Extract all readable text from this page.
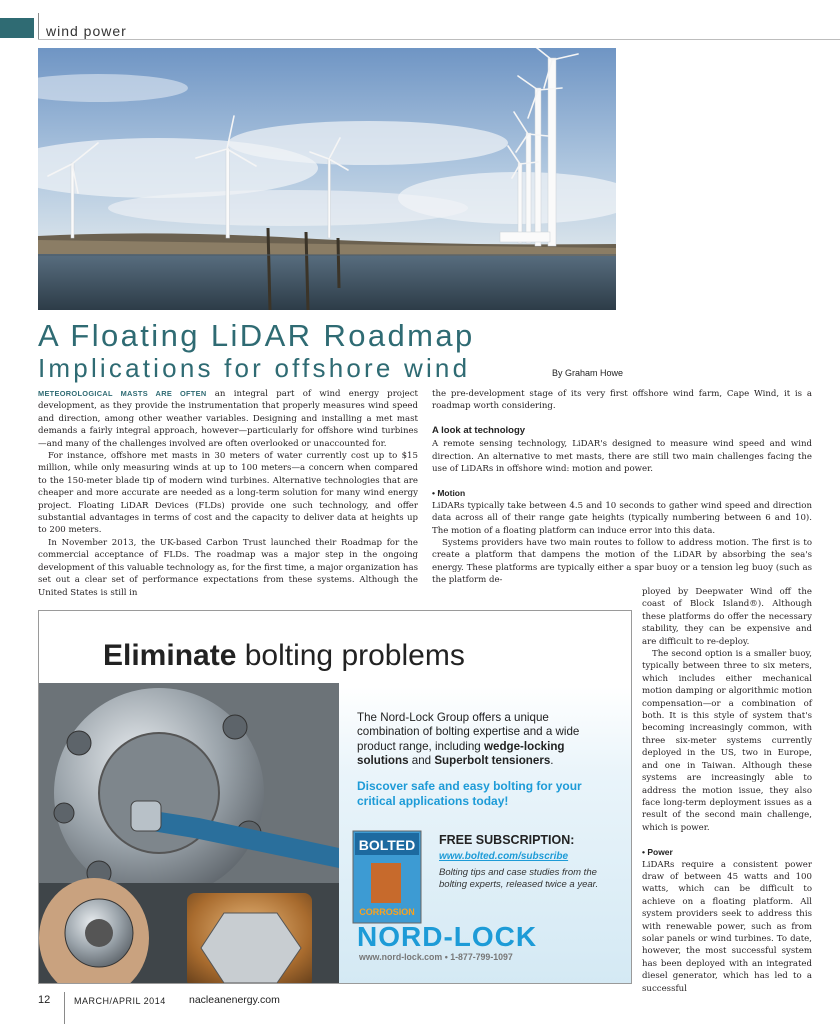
wind power
A Floating LiDAR Roadmap
Implications for offshore wind	By Graham Howe

METEOROLOGICAL MASTS ARE OFTEN an integral part of wind energy project development, as they provide the instrumentation that properly measures wind speed and direction, among other weather variables. Designing and installing a met mast demands a fairly integral approach, however—particularly for offshore wind turbines—and many of the challenges involved are often overlooked or unaccounted for.

For instance, offshore met masts in 30 meters of water currently cost up to $15 million, while only measuring winds at up to 100 meters—a concern when compared to the 150-meter blade tip of modern wind turbines. Alternative technologies that are cheaper and more accurate are needed as a long-term solution for many wind energy project. Floating LiDAR Devices (FLDs) provide one such technology, and offer substantial advantages in terms of cost and the capacity to deliver data at heights up to 200 meters.

In November 2013, the UK-based Carbon Trust launched their Roadmap for the commercial acceptance of FLDs. The roadmap was a major step in the ongoing development of this valuable technology as, for the first time, a major organization has set out a clear set of performance expectations from these systems. Although the United States is still in

the pre-development stage of its very first offshore wind farm, Cape Wind, it is a roadmap worth considering.

A look at technology

A remote sensing technology, LiDAR's designed to measure wind speed and wind direction. An alternative to met masts, there are still two main challenges facing the use of LiDARs in offshore wind: motion and power.

• Motion

LiDARs typically take between 4.5 and 10 seconds to gather wind speed and direction data across all of their range gate heights (typically numbering between 6 and 10). The motion of a floating platform can induce error into this data.

Systems providers have two main routes to follow to address motion. The first is to create a platform that dampens the motion of the LiDAR by absorbing the sea's energy. These platforms are typically either a spar buoy or a tension leg buoy (such as the platform de-

ployed by Deepwater Wind off the coast of Block Island®). Although these platforms do offer the necessary stability, they can be expensive and are difficult to re-deploy.

The second option is a smaller buoy, typically between three to six meters, which includes either mechanical motion damping or algorithmic motion compensation—or a combination of both. It is this style of system that's becoming increasingly common, with three six-meter systems currently deployed in the US, two in Europe, and one in Taiwan. Although these systems are increasingly able to address the motion issue, they also face long-term deployment issues as a result of the second main challenge, which is power.

• Power

LiDARs require a consistent power draw of between 45 watts and 100 watts, which can be difficult to achieve on a floating platform. All system providers seek to address this with renewable power, such as from solar panels or wind turbines. To date, however, the most successful system has been deployed with an integrated diesel generator, which has led to a successful

Eliminate bolting problems
The Nord-Lock Group offers a unique combination of bolting expertise and a wide product range, including wedge-locking solutions and Superbolt tensioners.
Discover safe and easy bolting for your critical applications today!
BOLTED
CORROSION
FREE SUBSCRIPTION:
www.bolted.com/subscribe
Bolting tips and case studies from the bolting experts, released twice a year.
NORD-LOCK
www.nord-lock.com • 1-877-799-1097
12	MARCH/APRIL 2014 nacleanenergy.com
